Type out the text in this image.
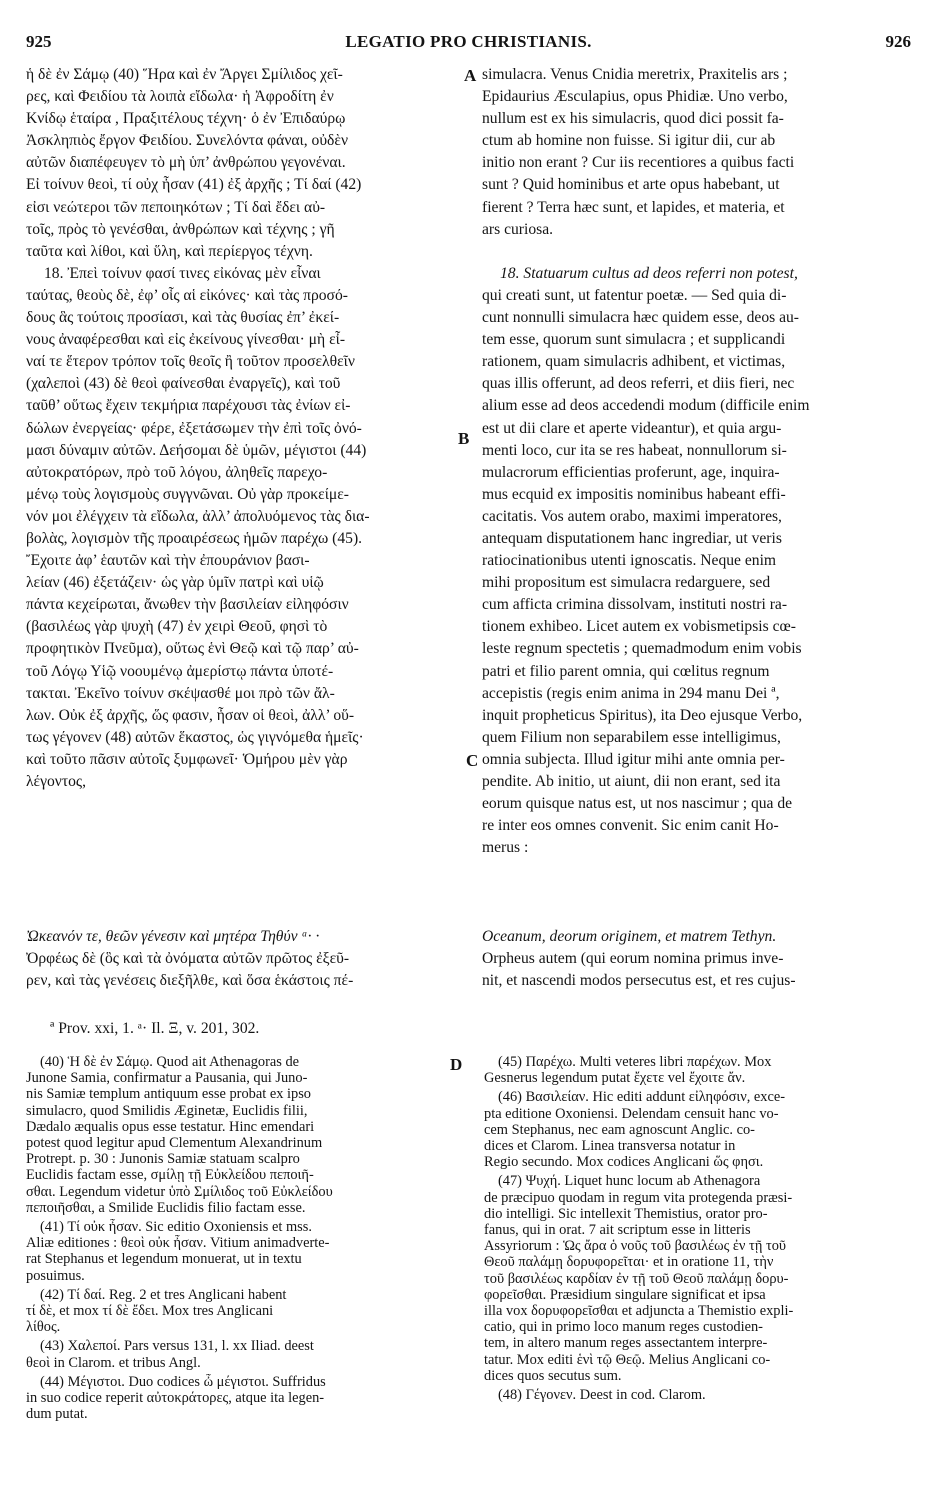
925	LEGATIO PRO CHRISTIANIS.	926
ἡ δὲ ἐν Σάμῳ (40) Ἥρα καὶ ἐν Ἄργει Σμίλιδος χεῖ-
ρες, καὶ Φειδίου τὰ λοιπὰ εἴδωλα· ἡ Ἀφροδίτη ἐν
Κνίδῳ ἑταίρα , Πραξιτέλους τέχνη· ὁ ἐν Ἐπιδαύρῳ
Ἀσκληπιὸς ἔργον Φειδίου. Συνελόντα φάναι, οὐδὲν
αὐτῶν διαπέφευγεν τὸ μὴ ὑπ’ ἀνθρώπου γεγονέναι.
Εἰ τοίνυν θεοὶ, τί οὐχ ἦσαν (41) ἐξ ἀρχῆς ; Τί δαί (42)
εἰσι νεώτεροι τῶν πεποιηκότων ; Τί δαὶ ἔδει αὐ-
τοῖς, πρὸς τὸ γενέσθαι, ἀνθρώπων καὶ τέχνης ; γῆ
ταῦτα καὶ λίθοι, καὶ ὕλη, καὶ περίεργος τέχνη.
18. Ἐπεὶ τοίνυν φασί τινες εἰκόνας μὲν εἶναι
ταύτας, θεοὺς δὲ, ἐφ’ οἷς αἱ εἰκόνες· καὶ τὰς προσό-
δους ἃς τούτοις προσίασι, καὶ τὰς θυσίας ἐπ’ ἐκεί-
νους ἀναφέρεσθαι καὶ εἰς ἐκείνους γίνεσθαι· μὴ εἶ-
ναί τε ἕτερον τρόπον τοῖς θεοῖς ἢ τοῦτον προσελθεῖν
(χαλεποὶ (43) δὲ θεοὶ φαίνεσθαι ἐναργεῖς), καὶ τοῦ
ταῦθ’ οὕτως ἔχειν τεκμήρια παρέχουσι τὰς ἐνίων εἰ-
δώλων ἐνεργείας· φέρε, ἐξετάσωμεν τὴν ἐπὶ τοῖς ὀνό-
μασι δύναμιν αὐτῶν. Δεήσομαι δὲ ὑμῶν, μέγιστοι (44)
αὐτοκρατόρων, πρὸ τοῦ λόγου, ἀληθεῖς παρεχο-
μένῳ τοὺς λογισμοὺς συγγνῶναι. Οὐ γὰρ προκείμε-
νόν μοι ἐλέγχειν τὰ εἴδωλα, ἀλλ’ ἀπολυόμενος τὰς δια-
βολὰς, λογισμὸν τῆς προαιρέσεως ἡμῶν παρέχω (45).
Ἔχοιτε ἀφ’ ἑαυτῶν καὶ τὴν ἐπουράνιον βασι-
λείαν (46) ἐξετάζειν· ὡς γὰρ ὑμῖν πατρὶ καὶ υἱῷ
πάντα κεχείρωται, ἄνωθεν τὴν βασιλείαν εἰληφόσιν
(βασιλέως γὰρ ψυχὴ (47) ἐν χειρὶ Θεοῦ, φησὶ τὸ
προφητικὸν Πνεῦμα), οὕτως ἑνὶ Θεῷ καὶ τῷ παρ’ αὐ-
τοῦ Λόγῳ Υἱῷ νοουμένῳ ἀμερίστῳ πάντα ὑποτέ-
τακται. Ἐκεῖνο τοίνυν σκέψασθέ μοι πρὸ τῶν ἄλ-
λων. Οὐκ ἐξ ἀρχῆς, ὥς φασιν, ἦσαν οἱ θεοὶ, ἀλλ’ οὕ-
τως γέγονεν (48) αὐτῶν ἕκαστος, ὡς γιγνόμεθα ἡμεῖς·
καὶ τοῦτο πᾶσιν αὐτοῖς ξυμφωνεῖ· Ὁμήρου μὲν γὰρ
λέγοντος,
simulacra. Venus Cnidia meretrix, Praxitelis ars ;
Epidaurius Æsculapius, opus Phidiæ. Uno verbo,
nullum est ex his simulacris, quod dici possit fa-
ctum ab homine non fuisse. Si igitur dii, cur ab
initio non erant ? Cur iis recentiores a quibus facti
sunt ? Quid hominibus et arte opus habebant, ut
fierent ? Terra hæc sunt, et lapides, et materia, et
ars curiosa.

18. Statuarum cultus ad deos referri non potest,
qui creati sunt, ut fatentur poetæ. — Sed quia di-
cunt nonnulli simulacra hæc quidem esse, deos au-
tem esse, quorum sunt simulacra ; et supplicandi
rationem, quam simulacris adhibent, et victimas,
quas illis offerunt, ad deos referri, et diis fieri, nec
alium esse ad deos accedendi modum (difficile enim
est ut dii clare et aperte videantur), et quia argu-
menti loco, cur ita se res habeat, nonnullorum si-
mulacrorum efficientias proferunt, age, inquira-
mus ecquid ex impositis nominibus habeant effi-
cacitatis. Vos autem orabo, maximi imperatores,
antequam disputationem hanc ingrediar, ut veris
ratiocinationibus utenti ignoscatis. Neque enim
mihi propositum est simulacra redarguere, sed
cum afficta crimina dissolvam, instituti nostri ra-
tionem exhibeo. Licet autem ex vobismetipsis cœ-
leste regnum spectetis ; quemadmodum enim vobis
patri et filio parent omnia, qui cœlitus regnum
accepistis (regis enim anima in 294 manu Dei ª,
inquit propheticus Spiritus), ita Deo ejusque Verbo,
quem Filium non separabilem esse intelligimus,
omnia subjecta. Illud igitur mihi ante omnia per-
pendite. Ab initio, ut aiunt, dii non erant, sed ita
eorum quisque natus est, ut nos nascimur ; qua de
re inter eos omnes convenit. Sic enim canit Ho-
merus :
A
B
C
D
Ὠκεανόν τε, θεῶν γένεσιν καὶ μητέρα Τηθύν ᵃ· ·
Ὀρφέως δὲ (ὃς καὶ τὰ ὀνόματα αὐτῶν πρῶτος ἐξεῦ-
ρεν, καὶ τὰς γενέσεις διεξῆλθε, καὶ ὅσα ἑκάστοις πέ-
Oceanum, deorum originem, et matrem Tethyn.
Orpheus autem (qui eorum nomina primus inve-
nit, et nascendi modos persecutus est, et res cujus-
ª Prov. xxi, 1. ᵃ· Il. Ξ, v. 201, 302.
(40) Ἡ δὲ ἐν Σάμῳ. Quod ait Athenagoras de
Junone Samia, confirmatur a Pausania, qui Juno-
nis Samiæ templum antiquum esse probat ex ipso
simulacro, quod Smilidis Æginetæ, Euclidis filii,
Dædalo æqualis opus esse testatur. Hinc emendari
potest quod legitur apud Clementum Alexandrinum
Protrept. p. 30 : Junonis Samiæ statuam scalpro
Euclidis factam esse, σμίλῃ τῇ Εὐκλείδου πεποιῆ-
σθαι. Legendum videtur ὑπὸ Σμίλιδος τοῦ Εὐκλείδου
πεποιῆσθαι, a Smilide Euclidis filio factam esse.
(41) Τί οὐκ ἦσαν. Sic editio Oxoniensis et mss.
Aliæ editiones : θεοὶ οὐκ ἦσαν. Vitium animadverte-
rat Stephanus et legendum monuerat, ut in textu
posuimus.
(42) Τί δαί. Reg. 2 et tres Anglicani habent
τί δὲ, et mox τί δὲ ἔδει. Mox tres Anglicani
λίθος.
(43) Χαλεποί. Pars versus 131, l. xx Iliad. deest
θεοὶ in Clarom. et tribus Angl.
(44) Μέγιστοι. Duo codices ὦ μέγιστοι. Suffridus
in suo codice reperit αὐτοκράτορες, atque ita legen-
dum putat.
(45) Παρέχω. Multi veteres libri παρέχων. Mox
Gesnerus legendum putat ἔχετε vel ἔχοιτε ἄν.
(46) Βασιλείαν. Hic editi addunt εἰληφόσιν, exce-
pta editione Oxoniensi. Delendam censuit hanc vo-
cem Stephanus, nec eam agnoscunt Anglic. co-
dices et Clarom. Linea transversa notatur in
Regio secundo. Mox codices Anglicani ὥς φησι.
(47) Ψυχή. Liquet hunc locum ab Athenagora
de præcipuo quodam in regum vita protegenda præsi-
dio intelligi. Sic intellexit Themistius, orator pro-
fanus, qui in orat. 7 ait scriptum esse in litteris
Assyriorum : Ὡς ἄρα ὁ νοῦς τοῦ βασιλέως ἐν τῇ τοῦ
Θεοῦ παλάμῃ δορυφορεῖται· et in oratione 11, τὴν
τοῦ βασιλέως καρδίαν ἐν τῇ τοῦ Θεοῦ παλάμῃ δορυ-
φορεῖσθαι. Præsidium singulare significat et ipsa
illa vox δορυφορεῖσθαι et adjuncta a Themistio expli-
catio, qui in primo loco manum reges custodien-
tem, in altero manum reges assectantem interpre-
tatur. Mox editi ἑνὶ τῷ Θεῷ. Melius Anglicani co-
dices quos secutus sum.
(48) Γέγονεν. Deest in cod. Clarom.
